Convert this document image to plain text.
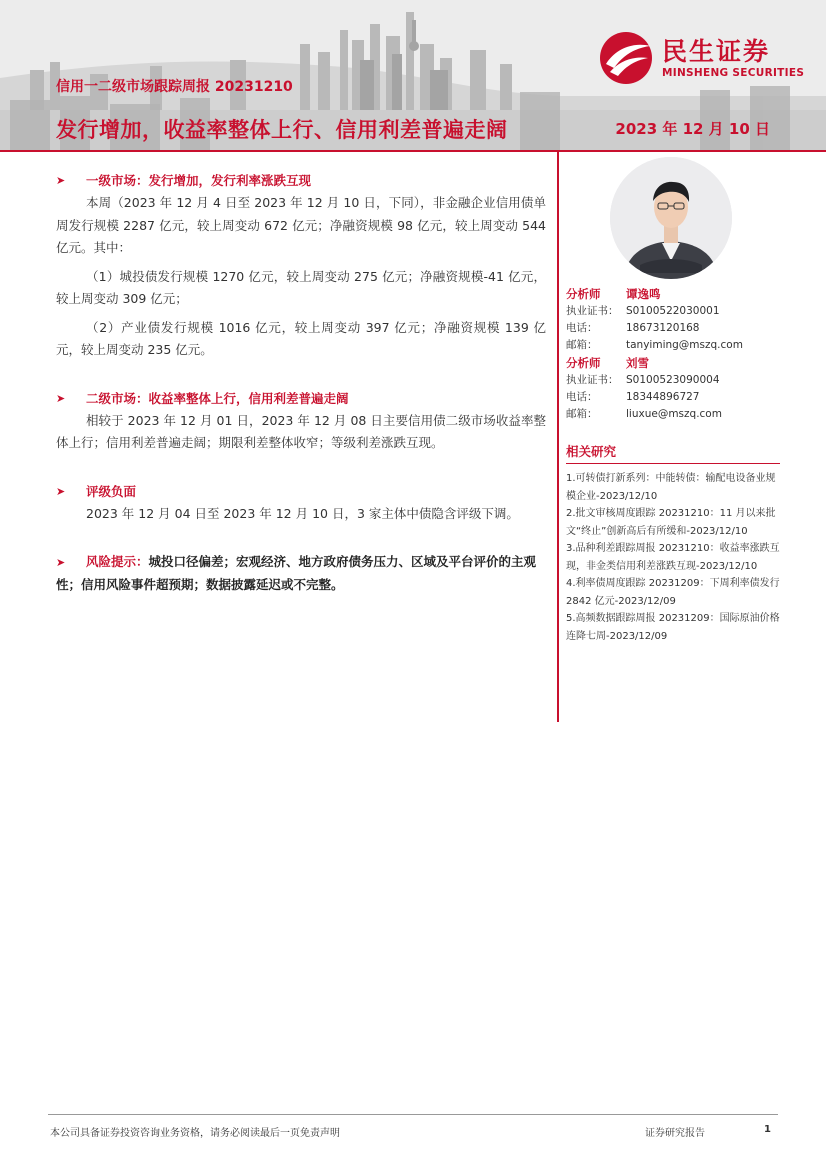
信用一二级市场跟踪周报 20231210
发行增加，收益率整体上行、信用利差普遍走阔	2023 年 12 月 10 日
民生证券
MINSHENG SECURITIES
➤	一级市场：发行增加，发行利率涨跌互现

本周（2023 年 12 月 4 日至 2023 年 12 月 10 日，下同），非金融企业信用债单周发行规模 2287 亿元，较上周变动 672 亿元；净融资规模 98 亿元，较上周变动 544 亿元。其中：

（1）城投债发行规模 1270 亿元，较上周变动 275 亿元；净融资规模-41 亿元，较上周变动 309 亿元；

（2）产业债发行规模 1016 亿元，较上周变动 397 亿元；净融资规模 139 亿元，较上周变动 235 亿元。

➤	二级市场：收益率整体上行，信用利差普遍走阔

相较于 2023 年 12 月 01 日，2023 年 12 月 08 日主要信用债二级市场收益率整体上行；信用利差普遍走阔；期限利差整体收窄；等级利差涨跌互现。

➤	评级负面

2023 年 12 月 04 日至 2023 年 12 月 10 日，3 家主体中债隐含评级下调。

➤ 风险提示：城投口径偏差；宏观经济、地方政府债务压力、区域及平台评价的主观性；信用风险事件超预期；数据披露延迟或不完整。

分析师	谭逸鸣
执业证书： S0100522030001
电话：	18673120168
邮箱：	tanyiming@mszq.com
分析师	刘雪
执业证书： S0100523090004
电话：	18344896727
邮箱：	liuxue@mszq.com
相关研究
1.可转债打新系列：中能转债：输配电设备业规模企业-2023/12/10
2.批文审核周度跟踪 20231210：11 月以来批文“终止”创新高后有所缓和-2023/12/10
3.品种利差跟踪周报 20231210：收益率涨跌互现，非金类信用利差涨跌互现-2023/12/10
4.利率债周度跟踪 20231209：下周利率债发行 2842 亿元-2023/12/09
5.高频数据跟踪周报 20231209：国际原油价格连降七周-2023/12/09
本公司具备证券投资咨询业务资格，请务必阅读最后一页免责声明	证券研究报告	1
